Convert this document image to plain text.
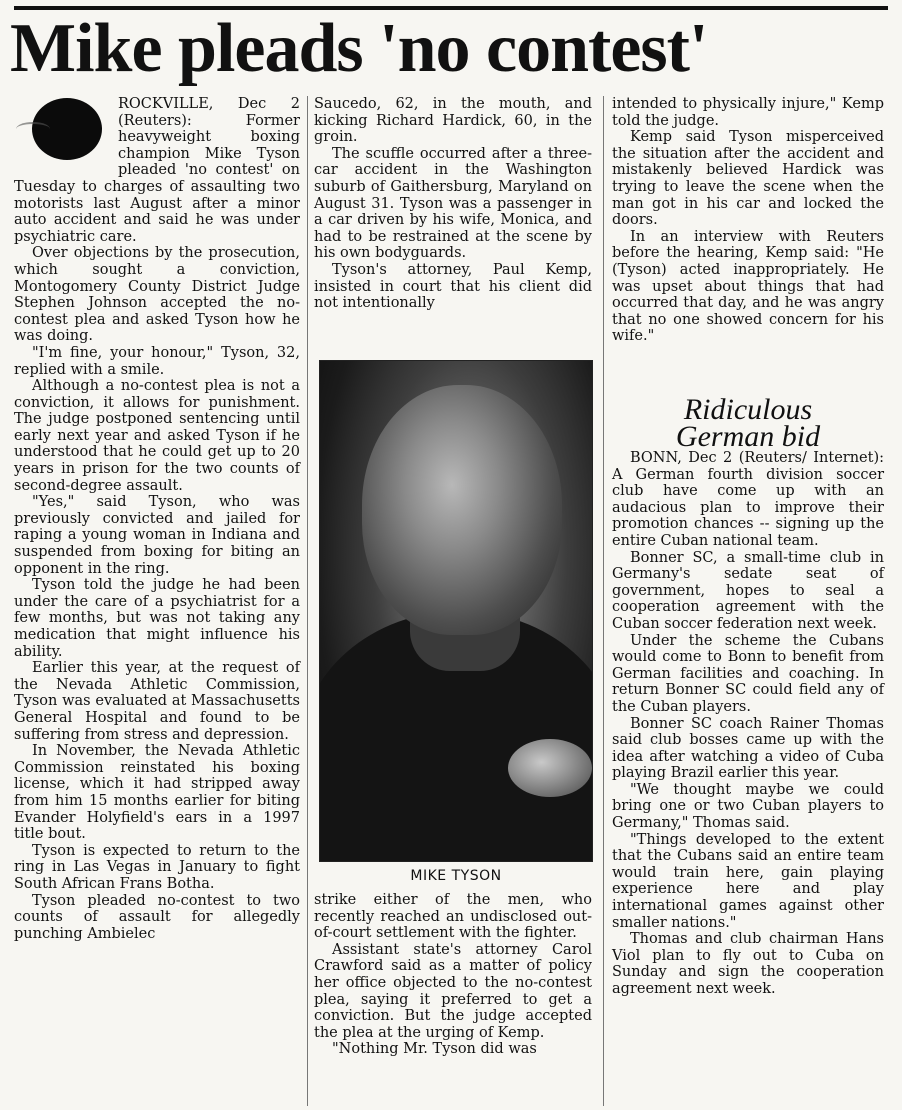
Mike pleads 'no contest'

ROCKVILLE, Dec 2 (Reuters): Former heavyweight boxing champion Mike Tyson pleaded 'no contest' on Tuesday to charges of assaulting two motorists last August after a minor auto accident and said he was under psychiatric care.

Over objections by the prosecution, which sought a conviction, Montogomery County District Judge Stephen Johnson accepted the no-contest plea and asked Tyson how he was doing.

"I'm fine, your honour," Tyson, 32, replied with a smile.

Although a no-contest plea is not a conviction, it allows for punishment. The judge postponed sentencing until early next year and asked Tyson if he understood that he could get up to 20 years in prison for the two counts of second-degree assault.

"Yes," said Tyson, who was previously convicted and jailed for raping a young woman in Indiana and suspended from boxing for biting an opponent in the ring.

Tyson told the judge he had been under the care of a psychiatrist for a few months, but was not taking any medication that might influence his ability.

Earlier this year, at the request of the Nevada Athletic Commission, Tyson was evaluated at Massachusetts General Hospital and found to be suffering from stress and depression.

In November, the Nevada Athletic Commission reinstated his boxing license, which it had stripped away from him 15 months earlier for biting Evander Holyfield's ears in a 1997 title bout.

Tyson is expected to return to the ring in Las Vegas in January to fight South African Frans Botha.

Tyson pleaded no-contest to two counts of assault for allegedly punching Ambielec

Saucedo, 62, in the mouth, and kicking Richard Hardick, 60, in the groin.

The scuffle occurred after a three-car accident in the Washington suburb of Gaithersburg, Maryland on August 31. Tyson was a passenger in a car driven by his wife, Monica, and had to be restrained at the scene by his own bodyguards.

Tyson's attorney, Paul Kemp, insisted in court that his client did not intentionally

MIKE TYSON

strike either of the men, who recently reached an undisclosed out-of-court settlement with the fighter.

Assistant state's attorney Carol Crawford said as a matter of policy her office objected to the no-contest plea, saying it preferred to get a conviction. But the judge accepted the plea at the urging of Kemp.

"Nothing Mr. Tyson did was

intended to physically injure," Kemp told the judge.

Kemp said Tyson misperceived the situation after the accident and mistakenly believed Hardick was trying to leave the scene when the man got in his car and locked the doors.

In an interview with Reuters before the hearing, Kemp said: "He (Tyson) acted inappropriately. He was upset about things that had occurred that day, and he was angry that no one showed concern for his wife."

Ridiculous
German bid

BONN, Dec 2 (Reuters/ Internet): A German fourth division soccer club have come up with an audacious plan to improve their promotion chances -- signing up the entire Cuban national team.

Bonner SC, a small-time club in Germany's sedate seat of government, hopes to seal a cooperation agreement with the Cuban soccer federation next week.

Under the scheme the Cubans would come to Bonn to benefit from German facilities and coaching. In return Bonner SC could field any of the Cuban players.

Bonner SC coach Rainer Thomas said club bosses came up with the idea after watching a video of Cuba playing Brazil earlier this year.

"We thought maybe we could bring one or two Cuban players to Germany," Thomas said.

"Things developed to the extent that the Cubans said an entire team would train here, gain playing experience here and play international games against other smaller nations."

Thomas and club chairman Hans Viol plan to fly out to Cuba on Sunday and sign the cooperation agreement next week.
